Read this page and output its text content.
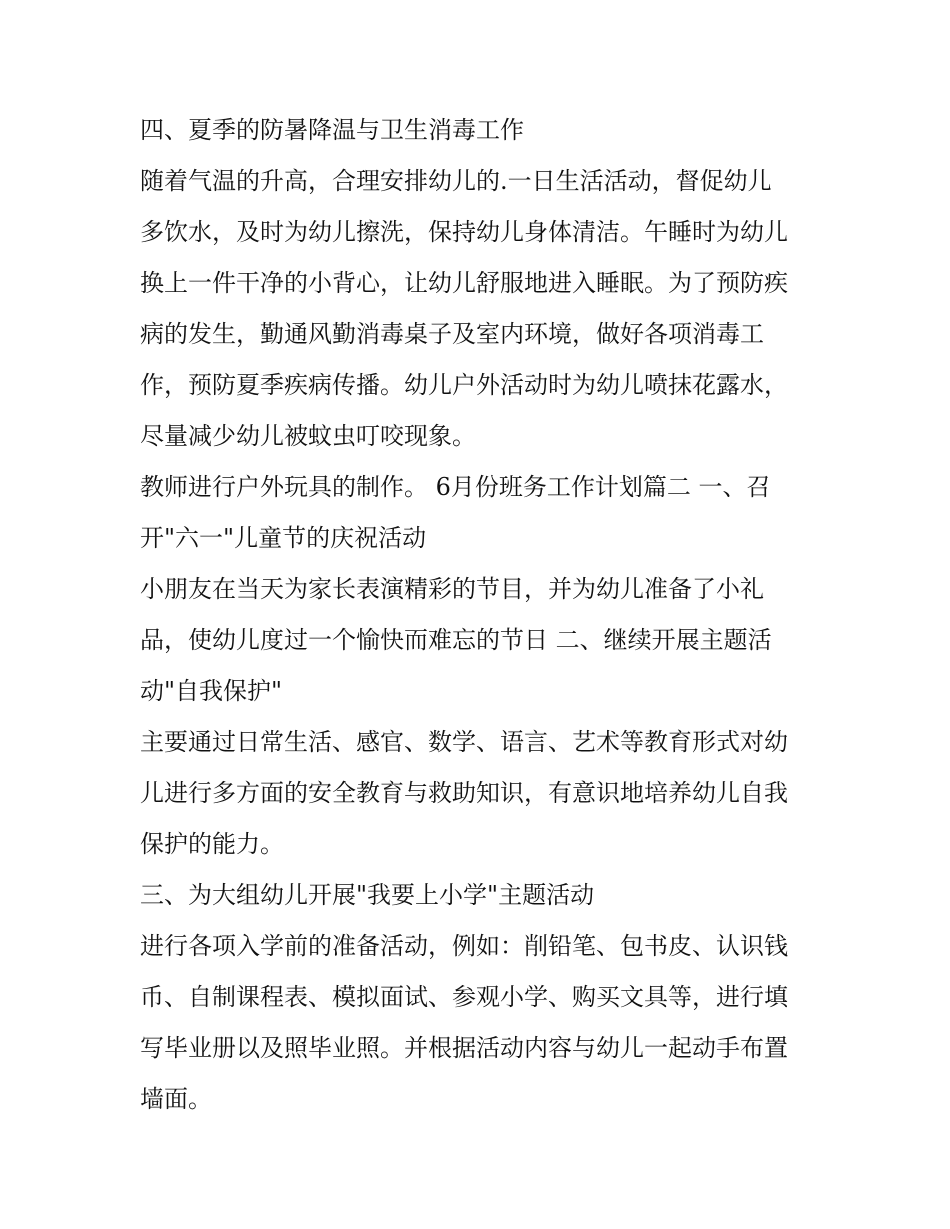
四、夏季的防暑降温与卫生消毒工作
随着气温的升高，合理安排幼儿的.一日生活活动，督促幼儿
多饮水，及时为幼儿擦洗，保持幼儿身体清洁。午睡时为幼儿
换上一件干净的小背心，让幼儿舒服地进入睡眠。为了预防疾
病的发生，勤通风勤消毒桌子及室内环境，做好各项消毒工
作，预防夏季疾病传播。幼儿户外活动时为幼儿喷抹花露水，
尽量减少幼儿被蚊虫叮咬现象。
教师进行户外玩具的制作。 6月份班务工作计划篇二 一、召
开"六一"儿童节的庆祝活动
小朋友在当天为家长表演精彩的节目，并为幼儿准备了小礼
品，使幼儿度过一个愉快而难忘的节日 二、继续开展主题活
动"自我保护"
主要通过日常生活、感官、数学、语言、艺术等教育形式对幼
儿进行多方面的安全教育与救助知识，有意识地培养幼儿自我
保护的能力。
三、为大组幼儿开展"我要上小学"主题活动
进行各项入学前的准备活动，例如：削铅笔、包书皮、认识钱
币、自制课程表、模拟面试、参观小学、购买文具等，进行填
写毕业册以及照毕业照。并根据活动内容与幼儿一起动手布置
墙面。
